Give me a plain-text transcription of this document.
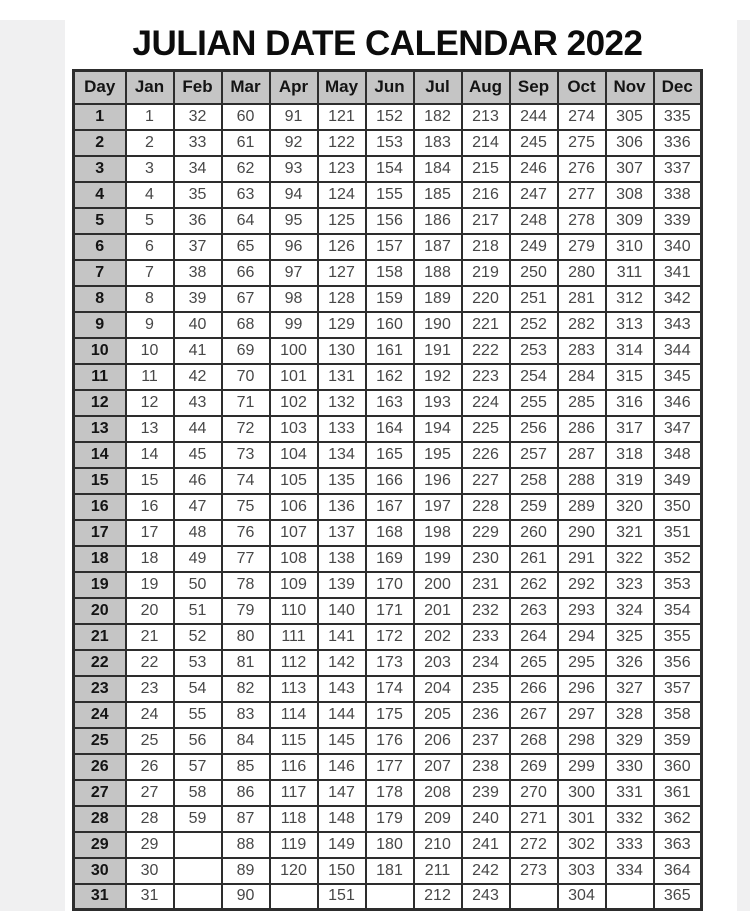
JULIAN DATE CALENDAR 2022
Day	Jan	Feb	Mar	Apr	May	Jun	Jul	Aug	Sep	Oct	Nov	Dec
1	1	32	60	91	121	152	182	213	244	274	305	335
2	2	33	61	92	122	153	183	214	245	275	306	336
3	3	34	62	93	123	154	184	215	246	276	307	337
4	4	35	63	94	124	155	185	216	247	277	308	338
5	5	36	64	95	125	156	186	217	248	278	309	339
6	6	37	65	96	126	157	187	218	249	279	310	340
7	7	38	66	97	127	158	188	219	250	280	311	341
8	8	39	67	98	128	159	189	220	251	281	312	342
9	9	40	68	99	129	160	190	221	252	282	313	343
10	10	41	69	100	130	161	191	222	253	283	314	344
11	11	42	70	101	131	162	192	223	254	284	315	345
12	12	43	71	102	132	163	193	224	255	285	316	346
13	13	44	72	103	133	164	194	225	256	286	317	347
14	14	45	73	104	134	165	195	226	257	287	318	348
15	15	46	74	105	135	166	196	227	258	288	319	349
16	16	47	75	106	136	167	197	228	259	289	320	350
17	17	48	76	107	137	168	198	229	260	290	321	351
18	18	49	77	108	138	169	199	230	261	291	322	352
19	19	50	78	109	139	170	200	231	262	292	323	353
20	20	51	79	110	140	171	201	232	263	293	324	354
21	21	52	80	111	141	172	202	233	264	294	325	355
22	22	53	81	112	142	173	203	234	265	295	326	356
23	23	54	82	113	143	174	204	235	266	296	327	357
24	24	55	83	114	144	175	205	236	267	297	328	358
25	25	56	84	115	145	176	206	237	268	298	329	359
26	26	57	85	116	146	177	207	238	269	299	330	360
27	27	58	86	117	147	178	208	239	270	300	331	361
28	28	59	87	118	148	179	209	240	271	301	332	362
29	29		88	119	149	180	210	241	272	302	333	363
30	30		89	120	150	181	211	242	273	303	334	364
31	31		90		151		212	243		304		365
